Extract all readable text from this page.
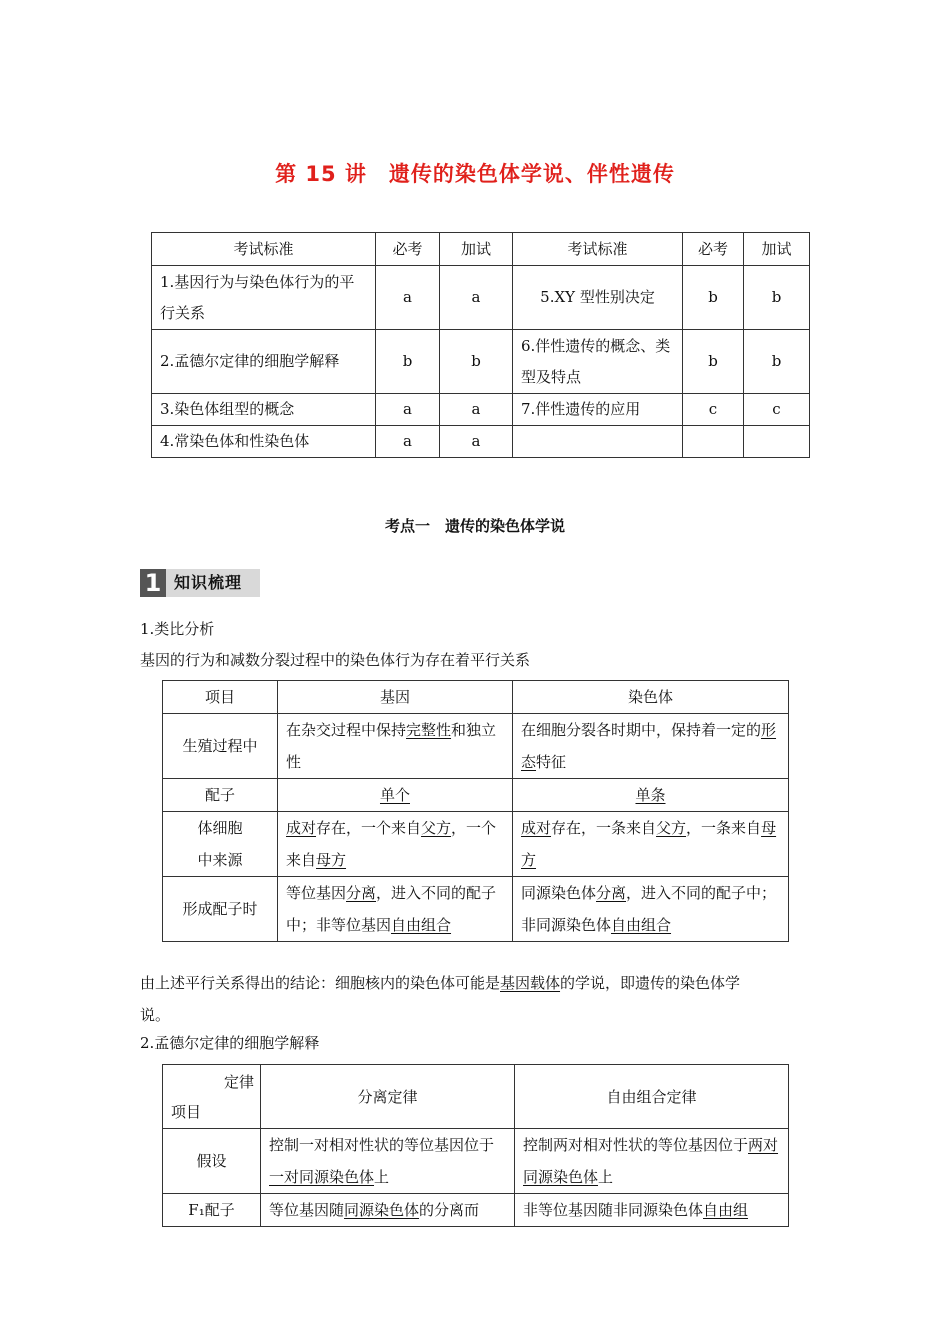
第 15 讲　遗传的染色体学说、伴性遗传
考试标准	必考	加试	考试标准	必考	加试
1.基因行为与染色体行为的平行关系	a	a	5.XY 型性别决定	b	b
2.孟德尔定律的细胞学解释	b	b	6.伴性遗传的概念、类型及特点	b	b
3.染色体组型的概念	a	a	7.伴性遗传的应用	c	c
4.常染色体和性染色体	a	a			
考点一　遗传的染色体学说
1 知识梳理
1.类比分析
基因的行为和减数分裂过程中的染色体行为存在着平行关系
项目	基因	染色体
生殖过程中	在杂交过程中保持完整性和独立性	在细胞分裂各时期中，保持着一定的形态特征
配子	单个	单条
体细胞
中来源	成对存在，一个来自父方，一个来自母方	成对存在，一条来自父方，一条来自母方
形成配子时	等位基因分离，进入不同的配子中；非等位基因自由组合	同源染色体分离，进入不同的配子中；非同源染色体自由组合
由上述平行关系得出的结论：细胞核内的染色体可能是基因载体的学说，即遗传的染色体学
说。
2.孟德尔定律的细胞学解释
定律
项目	分离定律	自由组合定律
假设	控制一对相对性状的等位基因位于一对同源染色体上	控制两对相对性状的等位基因位于两对同源染色体上
F₁配子	等位基因随同源染色体的分离而	非等位基因随非同源染色体自由组
